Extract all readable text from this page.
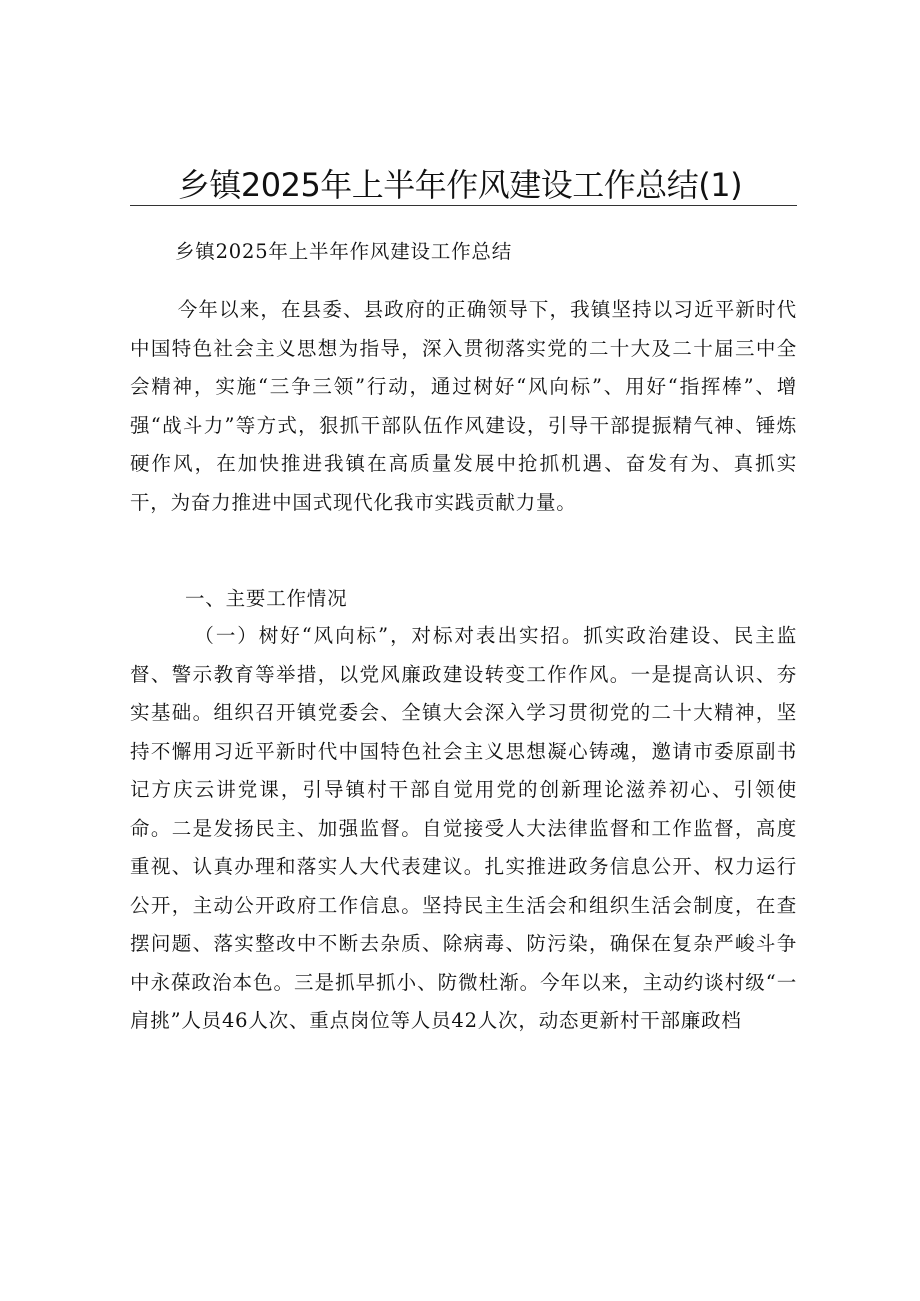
乡镇2025年上半年作风建设工作总结(1)

乡镇2025年上半年作风建设工作总结

今年以来，在县委、县政府的正确领导下，我镇坚持以习近平新时代中国特色社会主义思想为指导，深入贯彻落实党的二十大及二十届三中全会精神，实施“三争三领”行动，通过树好“风向标”、用好“指挥棒”、增强“战斗力”等方式，狠抓干部队伍作风建设，引导干部提振精气神、锤炼硬作风，在加快推进我镇在高质量发展中抢抓机遇、奋发有为、真抓实干，为奋力推进中国式现代化我市实践贡献力量。

一、主要工作情况

（一）树好“风向标”，对标对表出实招。抓实政治建设、民主监督、警示教育等举措，以党风廉政建设转变工作作风。一是提高认识、夯实基础。组织召开镇党委会、全镇大会深入学习贯彻党的二十大精神，坚持不懈用习近平新时代中国特色社会主义思想凝心铸魂，邀请市委原副书记方庆云讲党课，引导镇村干部自觉用党的创新理论滋养初心、引领使命。二是发扬民主、加强监督。自觉接受人大法律监督和工作监督，高度重视、认真办理和落实人大代表建议。扎实推进政务信息公开、权力运行公开，主动公开政府工作信息。坚持民主生活会和组织生活会制度，在查摆问题、落实整改中不断去杂质、除病毒、防污染，确保在复杂严峻斗争中永葆政治本色。三是抓早抓小、防微杜渐。今年以来，主动约谈村级“一肩挑”人员46人次、重点岗位等人员42人次，动态更新村干部廉政档
